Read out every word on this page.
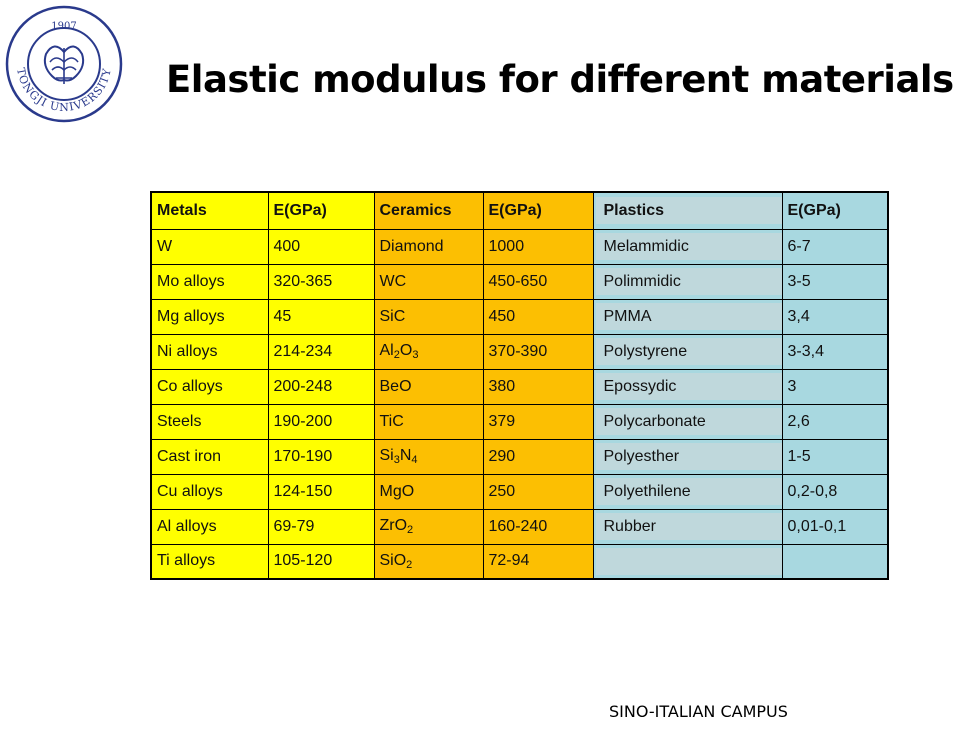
TONGJI UNIVERSITY
1907
Elastic modulus for different materials
Metals	E(GPa)	Ceramics	E(GPa)	Plastics	E(GPa)
W	400	Diamond	1000	Melammidic	6-7
Mo alloys	320-365	WC	450-650	Polimmidic	3-5
Mg alloys	45	SiC	450	PMMA	3,4
Ni alloys	214-234	$Al_2O_3$	370-390	Polystyrene	3-3,4
Co alloys	200-248	BeO	380	Epossydic	3
Steels	190-200	TiC	379	Polycarbonate	2,6
Cast iron	170-190	$Si_3N_4$	290	Polyesther	1-5
Cu alloys	124-150	MgO	250	Polyethilene	0,2-0,8
Al alloys	69-79	ZrO$_2$	160-240	Rubber	0,01-0,1
Ti alloys	105-120	SiO$_2$	72-94	

SINO-ITALIAN CAMPUS
